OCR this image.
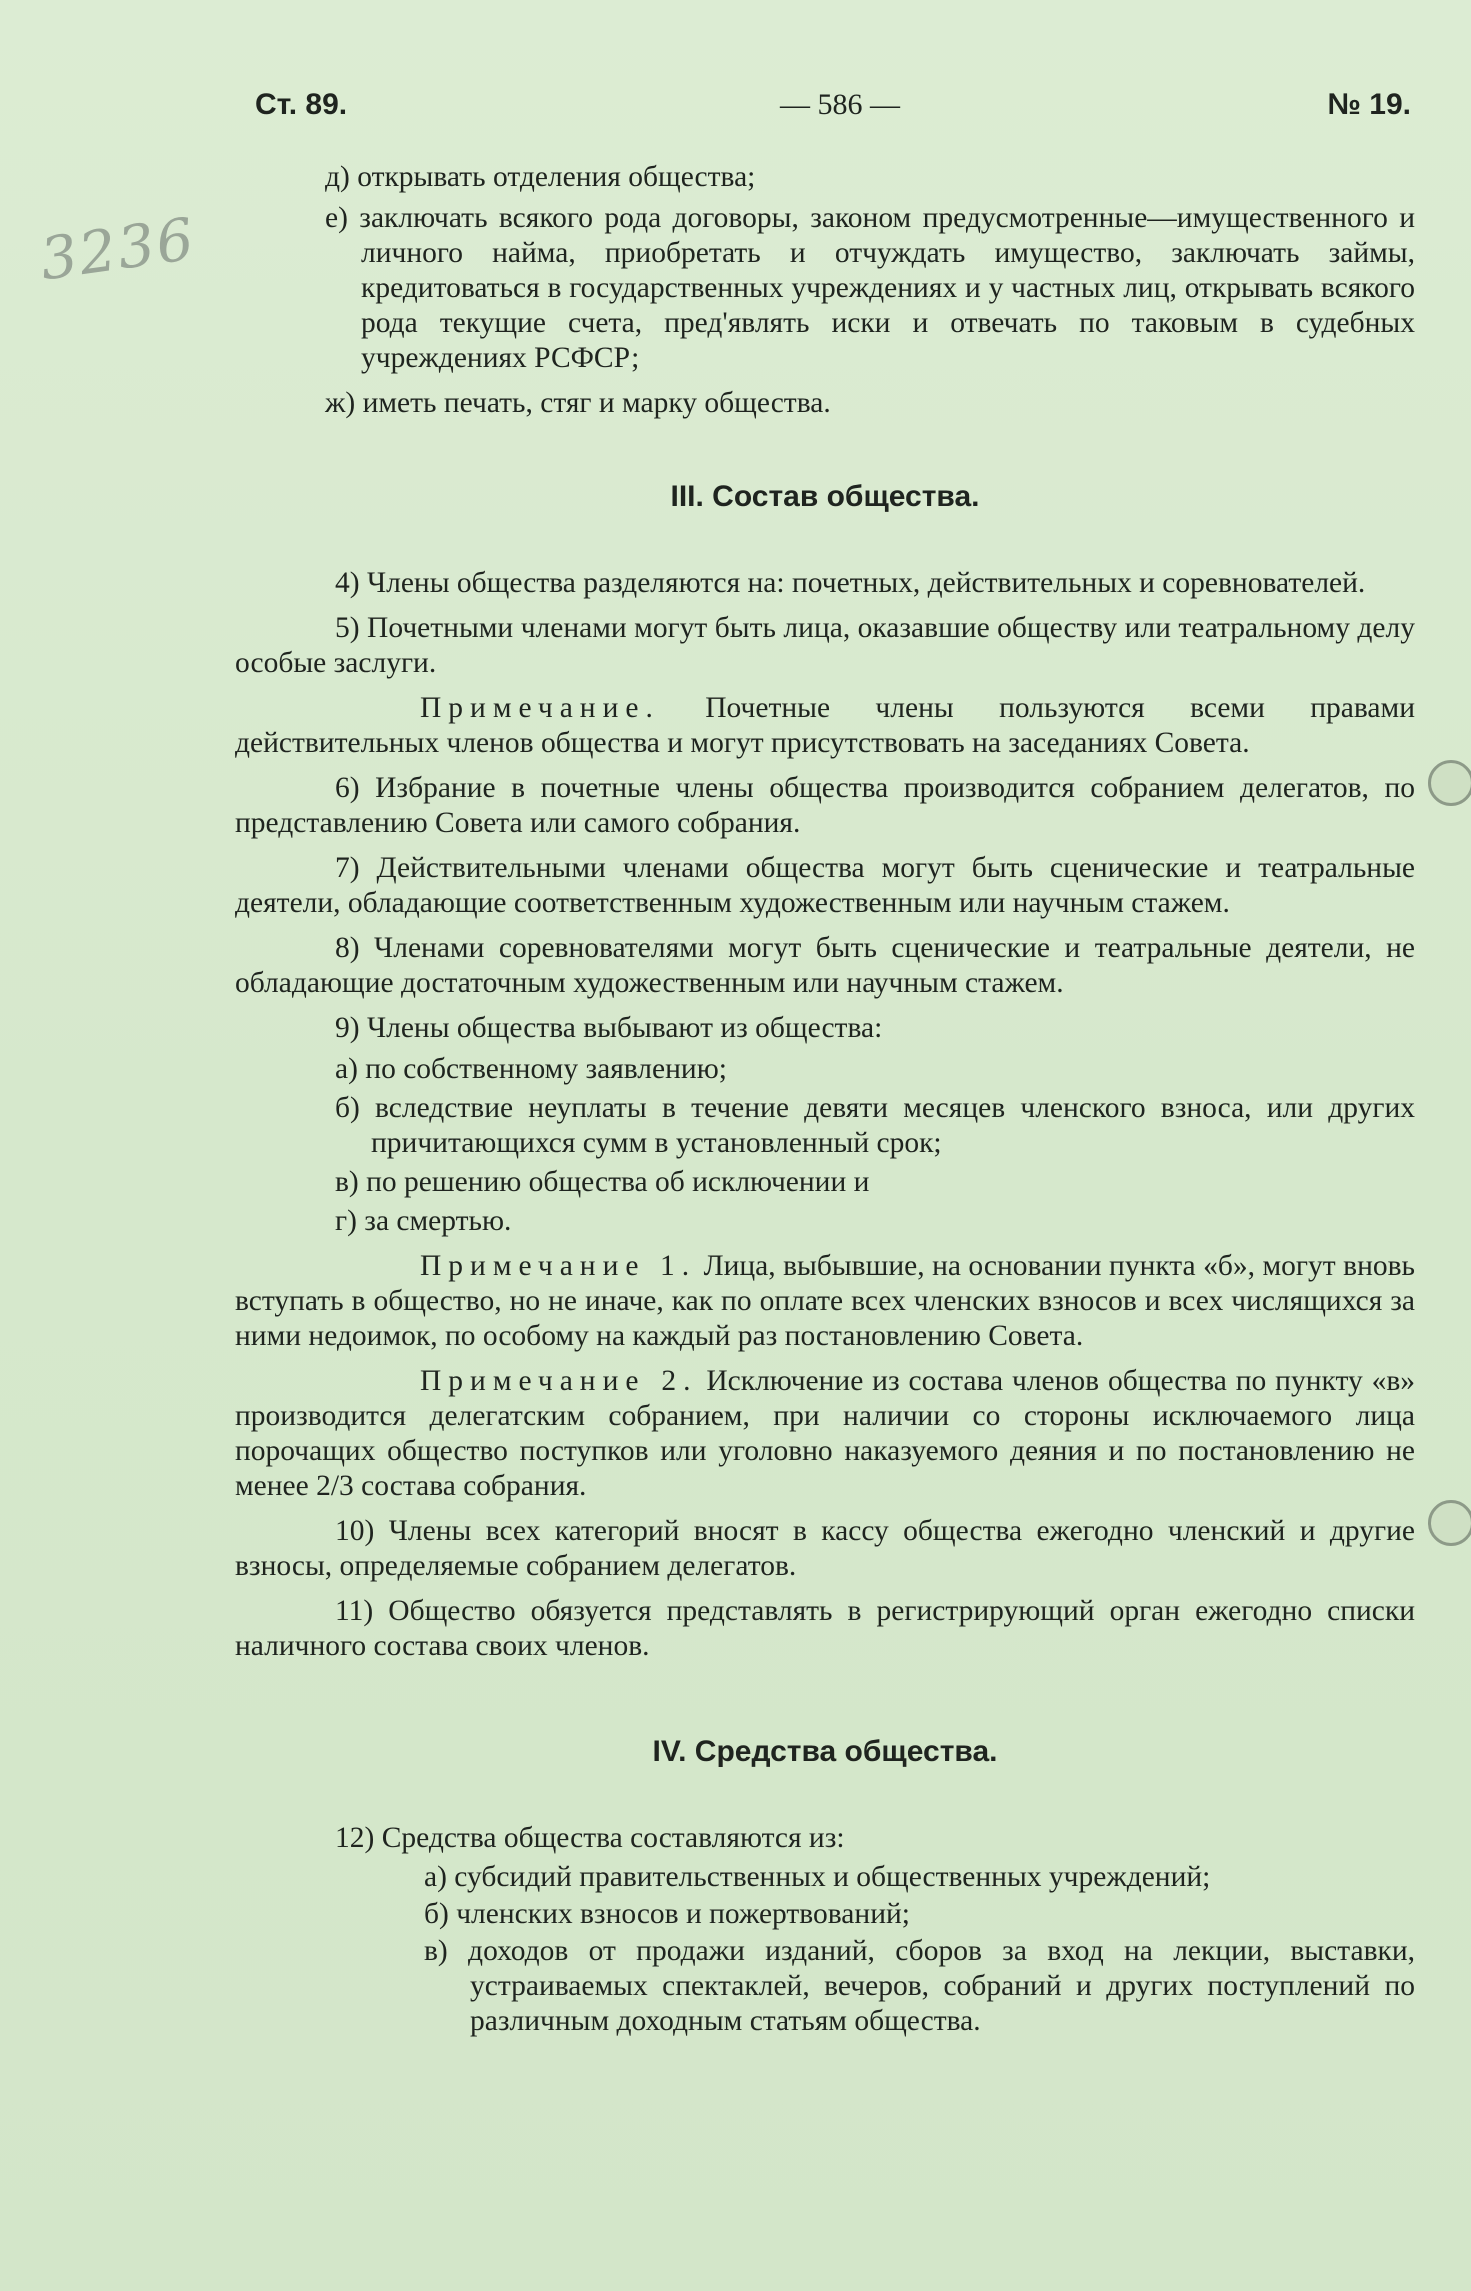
Ст. 89.	— 586 —	№ 19.
3236

д) открывать отделения общества;

е) заключать всякого рода договоры, законом предусмотренные—имущественного и личного найма, приобретать и отчуждать имущество, заключать займы, кредитоваться в государственных учреждениях и у частных лиц, открывать всякого рода текущие счета, пред'являть иски и отвечать по таковым в судебных учреждениях РСФСР;

ж) иметь печать, стяг и марку общества.

III. Состав общества.

4) Члены общества разделяются на: почетных, действительных и соревнователей.

5) Почетными членами могут быть лица, оказавшие обществу или театральному делу особые заслуги.

Примечание. Почетные члены пользуются всеми правами действительных членов общества и могут присутствовать на заседаниях Совета.

6) Избрание в почетные члены общества производится собранием делегатов, по представлению Совета или самого собрания.

7) Действительными членами общества могут быть сценические и театральные деятели, обладающие соответственным художественным или научным стажем.

8) Членами соревнователями могут быть сценические и театральные деятели, не обладающие достаточным художественным или научным стажем.

9) Члены общества выбывают из общества:

а) по собственному заявлению;

б) вследствие неуплаты в течение девяти месяцев членского взноса, или других причитающихся сумм в установленный срок;

в) по решению общества об исключении и

г) за смертью.

Примечание 1. Лица, выбывшие, на основании пункта «б», могут вновь вступать в общество, но не иначе, как по оплате всех членских взносов и всех числящихся за ними недоимок, по особому на каждый раз постановлению Совета.

Примечание 2. Исключение из состава членов общества по пункту «в» производится делегатским собранием, при наличии со стороны исключаемого лица порочащих общество поступков или уголовно наказуемого деяния и по постановлению не менее 2/3 состава собрания.

10) Члены всех категорий вносят в кассу общества ежегодно членский и другие взносы, определяемые собранием делегатов.

11) Общество обязуется представлять в регистрирующий орган ежегодно списки наличного состава своих членов.

IV. Средства общества.

12) Средства общества составляются из:

а) субсидий правительственных и общественных учреждений;

б) членских взносов и пожертвований;

в) доходов от продажи изданий, сборов за вход на лекции, выставки, устраиваемых спектаклей, вечеров, собраний и других поступлений по различным доходным статьям общества.
